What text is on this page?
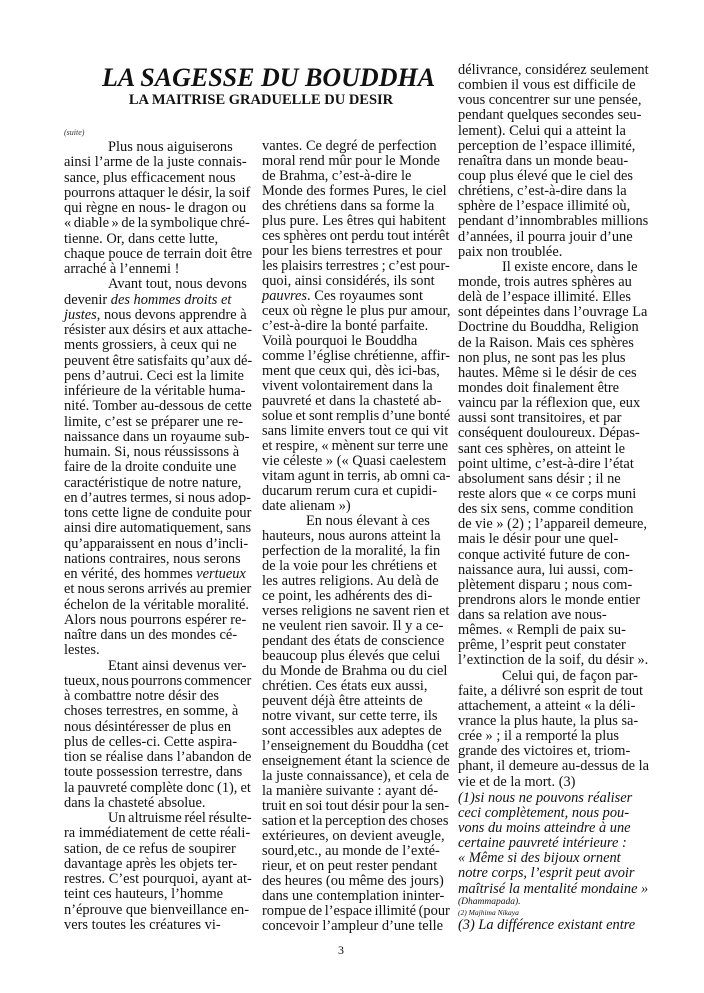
LA SAGESSE DU BOUDDHA
LA MAITRISE GRADUELLE DU DESIR
(suite)
Plus nous aiguiserons
ainsi l’arme de la juste connais-
sance, plus efficacement nous
pourrons attaquer le désir, la soif
qui règne en nous- le dragon ou
« diable » de la symbolique chré-
tienne. Or, dans cette lutte,
chaque pouce de terrain doit être
arraché à l’ennemi !
Avant tout, nous devons
devenir des hommes droits et
justes, nous devons apprendre à
résister aux désirs et aux attache-
ments grossiers, à ceux qui ne
peuvent être satisfaits qu’aux dé-
pens d’autrui. Ceci est la limite
inférieure de la véritable huma-
nité. Tomber au-dessous de cette
limite, c’est se préparer une re-
naissance dans un royaume sub-
humain. Si, nous réussissons à
faire de la droite conduite une
caractéristique de notre nature,
en d’autres termes, si nous adop-
tons cette ligne de conduite pour
ainsi dire automatiquement, sans
qu’apparaissent en nous d’incli-
nations contraires, nous serons
en vérité, des hommes vertueux
et nous serons arrivés au premier
échelon de la véritable moralité.
Alors nous pourrons espérer re-
naître dans un des mondes cé-
lestes.
Etant ainsi devenus ver-
tueux, nous pourrons commencer
à combattre notre désir des
choses terrestres, en somme, à
nous désintéresser de plus en
plus de celles-ci. Cette aspira-
tion se réalise dans l’abandon de
toute possession terrestre, dans
la pauvreté complète donc (1), et
dans la chasteté absolue.
Un altruisme réel résulte-
ra immédiatement de cette réali-
sation, de ce refus de soupirer
davantage après les objets ter-
restres. C’est pourquoi, ayant at-
teint ces hauteurs, l’homme
n’éprouve que bienveillance en-
vers toutes les créatures vi-
vantes. Ce degré de perfection
moral rend mûr pour le Monde
de Brahma, c’est-à-dire le
Monde des formes Pures, le ciel
des chrétiens dans sa forme la
plus pure. Les êtres qui habitent
ces sphères ont perdu tout intérêt
pour les biens terrestres et pour
les plaisirs terrestres ; c’est pour-
quoi, ainsi considérés, ils sont
pauvres. Ces royaumes sont
ceux où règne le plus pur amour,
c’est-à-dire la bonté parfaite.
Voilà pourquoi le Bouddha
comme l’église chrétienne, affir-
ment que ceux qui, dès ici-bas,
vivent volontairement dans la
pauvreté et dans la chasteté ab-
solue et sont remplis d’une bonté
sans limite envers tout ce qui vit
et respire, « mènent sur terre une
vie céleste » (« Quasi caelestem
vitam agunt in terris, ab omni ca-
ducarum rerum cura et cupidi-
date alienam »)
En nous élevant à ces
hauteurs, nous aurons atteint la
perfection de la moralité, la fin
de la voie pour les chrétiens et
les autres religions. Au delà de
ce point, les adhérents des di-
verses religions ne savent rien et
ne veulent rien savoir. Il y a ce-
pendant des états de conscience
beaucoup plus élevés que celui
du Monde de Brahma ou du ciel
chrétien. Ces états eux aussi,
peuvent déjà être atteints de
notre vivant, sur cette terre, ils
sont accessibles aux adeptes de
l’enseignement du Bouddha (cet
enseignement étant la science de
la juste connaissance), et cela de
la manière suivante : ayant dé-
truit en soi tout désir pour la sen-
sation et la perception des choses
extérieures, on devient aveugle,
sourd,etc., au monde de l’exté-
rieur, et on peut rester pendant
des heures (ou même des jours)
dans une contemplation ininter-
rompue de l’espace illimité (pour
concevoir l’ampleur d’une telle
délivrance, considérez seulement
combien il vous est difficile de
vous concentrer sur une pensée,
pendant quelques secondes seu-
lement). Celui qui a atteint la
perception de l’espace illimité,
renaîtra dans un monde beau-
coup plus élevé que le ciel des
chrétiens, c’est-à-dire dans la
sphère de l’espace illimité où,
pendant d’innombrables millions
d’années, il pourra jouir d’une
paix non troublée.
Il existe encore, dans le
monde, trois autres sphères au
delà de l’espace illimité. Elles
sont dépeintes dans l’ouvrage La
Doctrine du Bouddha, Religion
de la Raison. Mais ces sphères
non plus, ne sont pas les plus
hautes. Même si le désir de ces
mondes doit finalement être
vaincu par la réflexion que, eux
aussi sont transitoires, et par
conséquent douloureux. Dépas-
sant ces sphères, on atteint le
point ultime, c’est-à-dire l’état
absolument sans désir ; il ne
reste alors que « ce corps muni
des six sens, comme condition
de vie » (2) ; l’appareil demeure,
mais le désir pour une quel-
conque activité future de con-
naissance aura, lui aussi, com-
plètement disparu ; nous com-
prendrons alors le monde entier
dans sa relation ave nous-
mêmes. « Rempli de paix su-
prême, l’esprit peut constater
l’extinction de la soif, du désir ».
Celui qui, de façon par-
faite, a délivré son esprit de tout
attachement, a atteint « la déli-
vrance la plus haute, la plus sa-
crée » ; il a remporté la plus
grande des victoires et, triom-
phant, il demeure au-dessus de la
vie et de la mort. (3)
(1)si nous ne pouvons réaliser
ceci complètement, nous pou-
vons du moins atteindre à une
certaine pauvreté intérieure :
« Même si des bijoux ornent
notre corps, l’esprit peut avoir
maîtrisé la mentalité mondaine »
(Dhammapada).
(2) Majhima Nikaya
(3) La différence existant entre
3
